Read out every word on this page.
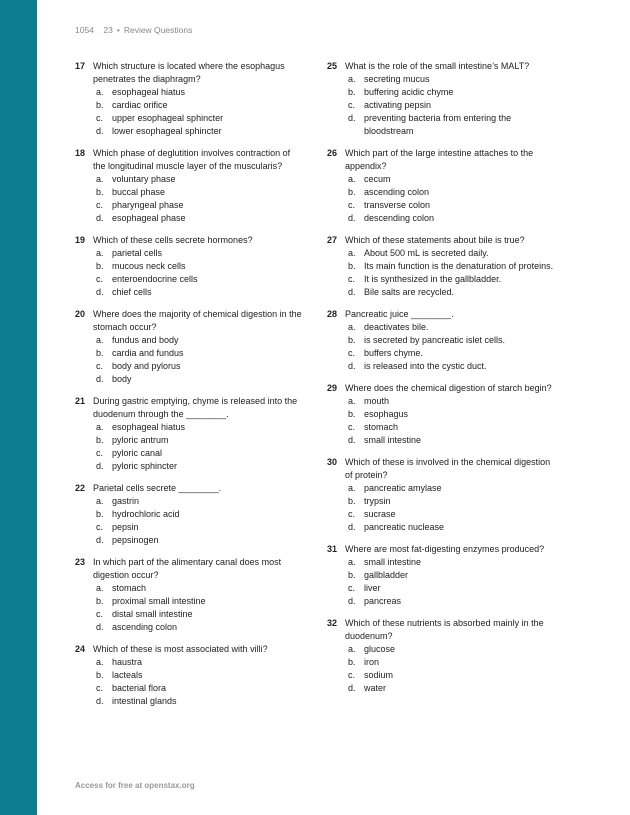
1054 23 • Review Questions
17 Which structure is located where the esophagus penetrates the diaphragm?
a. esophageal hiatus
b. cardiac orifice
c. upper esophageal sphincter
d. lower esophageal sphincter
18 Which phase of deglutition involves contraction of the longitudinal muscle layer of the muscularis?
a. voluntary phase
b. buccal phase
c. pharyngeal phase
d. esophageal phase
19 Which of these cells secrete hormones?
a. parietal cells
b. mucous neck cells
c. enteroendocrine cells
d. chief cells
20 Where does the majority of chemical digestion in the stomach occur?
a. fundus and body
b. cardia and fundus
c. body and pylorus
d. body
21 During gastric emptying, chyme is released into the duodenum through the ________.
a. esophageal hiatus
b. pyloric antrum
c. pyloric canal
d. pyloric sphincter
22 Parietal cells secrete ________.
a. gastrin
b. hydrochloric acid
c. pepsin
d. pepsinogen
23 In which part of the alimentary canal does most digestion occur?
a. stomach
b. proximal small intestine
c. distal small intestine
d. ascending colon
24 Which of these is most associated with villi?
a. haustra
b. lacteals
c. bacterial flora
d. intestinal glands
25 What is the role of the small intestine’s MALT?
a. secreting mucus
b. buffering acidic chyme
c. activating pepsin
d. preventing bacteria from entering the bloodstream
26 Which part of the large intestine attaches to the appendix?
a. cecum
b. ascending colon
c. transverse colon
d. descending colon
27 Which of these statements about bile is true?
a. About 500 mL is secreted daily.
b. Its main function is the denaturation of proteins.
c. It is synthesized in the gallbladder.
d. Bile salts are recycled.
28 Pancreatic juice ________.
a. deactivates bile.
b. is secreted by pancreatic islet cells.
c. buffers chyme.
d. is released into the cystic duct.
29 Where does the chemical digestion of starch begin?
a. mouth
b. esophagus
c. stomach
d. small intestine
30 Which of these is involved in the chemical digestion of protein?
a. pancreatic amylase
b. trypsin
c. sucrase
d. pancreatic nuclease
31 Where are most fat-digesting enzymes produced?
a. small intestine
b. gallbladder
c. liver
d. pancreas
32 Which of these nutrients is absorbed mainly in the duodenum?
a. glucose
b. iron
c. sodium
d. water
Access for free at openstax.org
